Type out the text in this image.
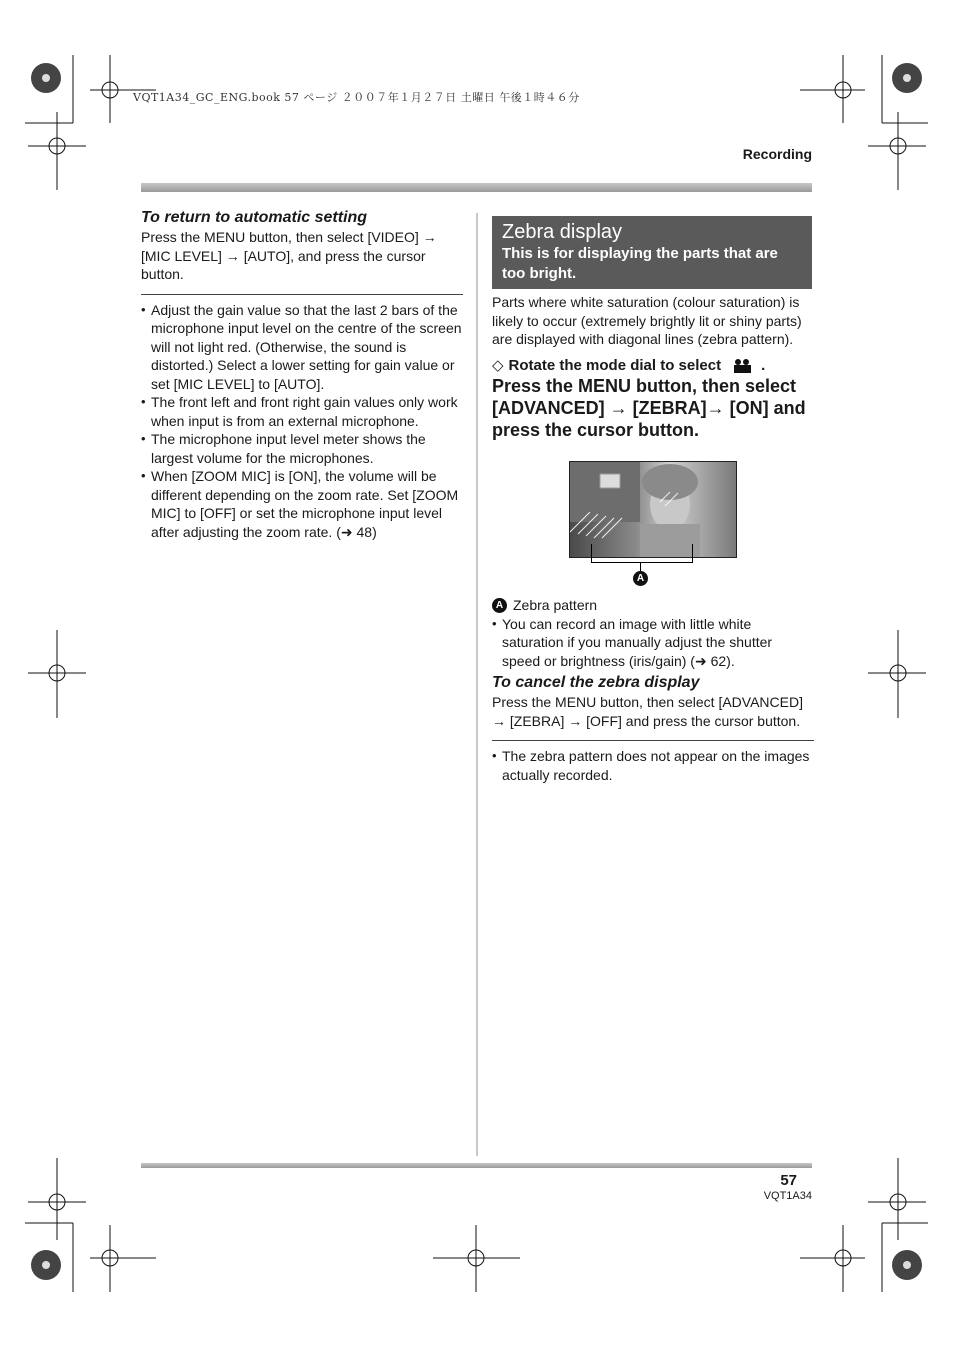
VQT1A34_GC_ENG.book 57 ページ ２００７年１月２７日 土曜日 午後１時４６分
Recording
To return to automatic setting
Press the MENU button, then select [VIDEO] → [MIC LEVEL] → [AUTO], and press the cursor button.
• Adjust the gain value so that the last 2 bars of the microphone input level on the centre of the screen will not light red. (Otherwise, the sound is distorted.) Select a lower setting for gain value or set [MIC LEVEL] to [AUTO].
• The front left and front right gain values only work when input is from an external microphone.
• The microphone input level meter shows the largest volume for the microphones.
• When [ZOOM MIC] is [ON], the volume will be different depending on the zoom rate. Set [ZOOM MIC] to [OFF] or set the microphone input level after adjusting the zoom rate. (➜ 48)
Zebra display
This is for displaying the parts that are too bright.
Parts where white saturation (colour saturation) is likely to occur (extremely brightly lit or shiny parts) are displayed with diagonal lines (zebra pattern).
◇ Rotate the mode dial to select	.
Press the MENU button, then select [ADVANCED] → [ZEBRA]→ [ON] and press the cursor button.
A
A Zebra pattern
• You can record an image with little white saturation if you manually adjust the shutter speed or brightness (iris/gain) (➜ 62).
To cancel the zebra display
Press the MENU button, then select [ADVANCED] → [ZEBRA] → [OFF] and press the cursor button.
• The zebra pattern does not appear on the images actually recorded.
57
VQT1A34
